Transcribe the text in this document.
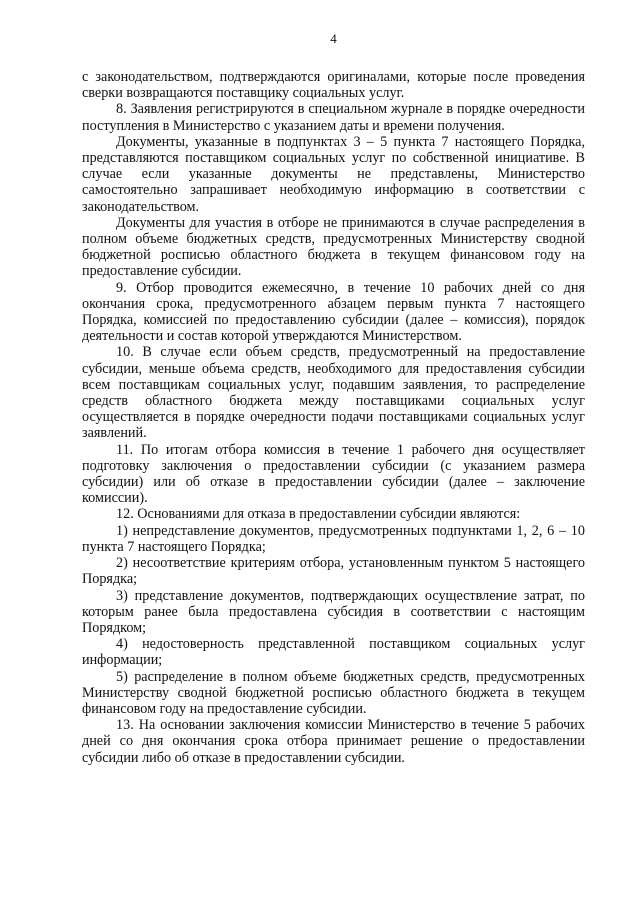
4

с законодательством, подтверждаются оригиналами, которые после проведения сверки возвращаются поставщику социальных услуг.

8. Заявления регистрируются в специальном журнале в порядке очередности поступления в Министерство с указанием даты и времени получения.

Документы, указанные в подпунктах 3 – 5 пункта 7 настоящего Порядка, представляются поставщиком социальных услуг по собственной инициативе. В случае если указанные документы не представлены, Министерство самостоятельно запрашивает необходимую информацию в соответствии с законодательством.

Документы для участия в отборе не принимаются в случае распределения в полном объеме бюджетных средств, предусмотренных Министерству сводной бюджетной росписью областного бюджета в текущем финансовом году на предоставление субсидии.

9. Отбор проводится ежемесячно, в течение 10 рабочих дней со дня окончания срока, предусмотренного абзацем первым пункта 7 настоящего Порядка, комиссией по предоставлению субсидии (далее – комиссия), порядок деятельности и состав которой утверждаются Министерством.

10. В случае если объем средств, предусмотренный на предоставление субсидии, меньше объема средств, необходимого для предоставления субсидии всем поставщикам социальных услуг, подавшим заявления, то распределение средств областного бюджета между поставщиками социальных услуг осуществляется в порядке очередности подачи поставщиками социальных услуг заявлений.

11. По итогам отбора комиссия в течение 1 рабочего дня осуществляет подготовку заключения о предоставлении субсидии (с указанием размера субсидии) или об отказе в предоставлении субсидии (далее – заключение комиссии).

12. Основаниями для отказа в предоставлении субсидии являются:

1) непредставление документов, предусмотренных подпунктами 1, 2, 6 – 10 пункта 7 настоящего Порядка;

2) несоответствие критериям отбора, установленным пунктом 5 настоящего Порядка;

3) представление документов, подтверждающих осуществление затрат, по которым ранее была предоставлена субсидия в соответствии с настоящим Порядком;

4) недостоверность представленной поставщиком социальных услуг информации;

5) распределение в полном объеме бюджетных средств, предусмотренных Министерству сводной бюджетной росписью областного бюджета в текущем финансовом году на предоставление субсидии.

13. На основании заключения комиссии Министерство в течение 5 рабочих дней со дня окончания срока отбора принимает решение о предоставлении субсидии либо об отказе в предоставлении субсидии.
